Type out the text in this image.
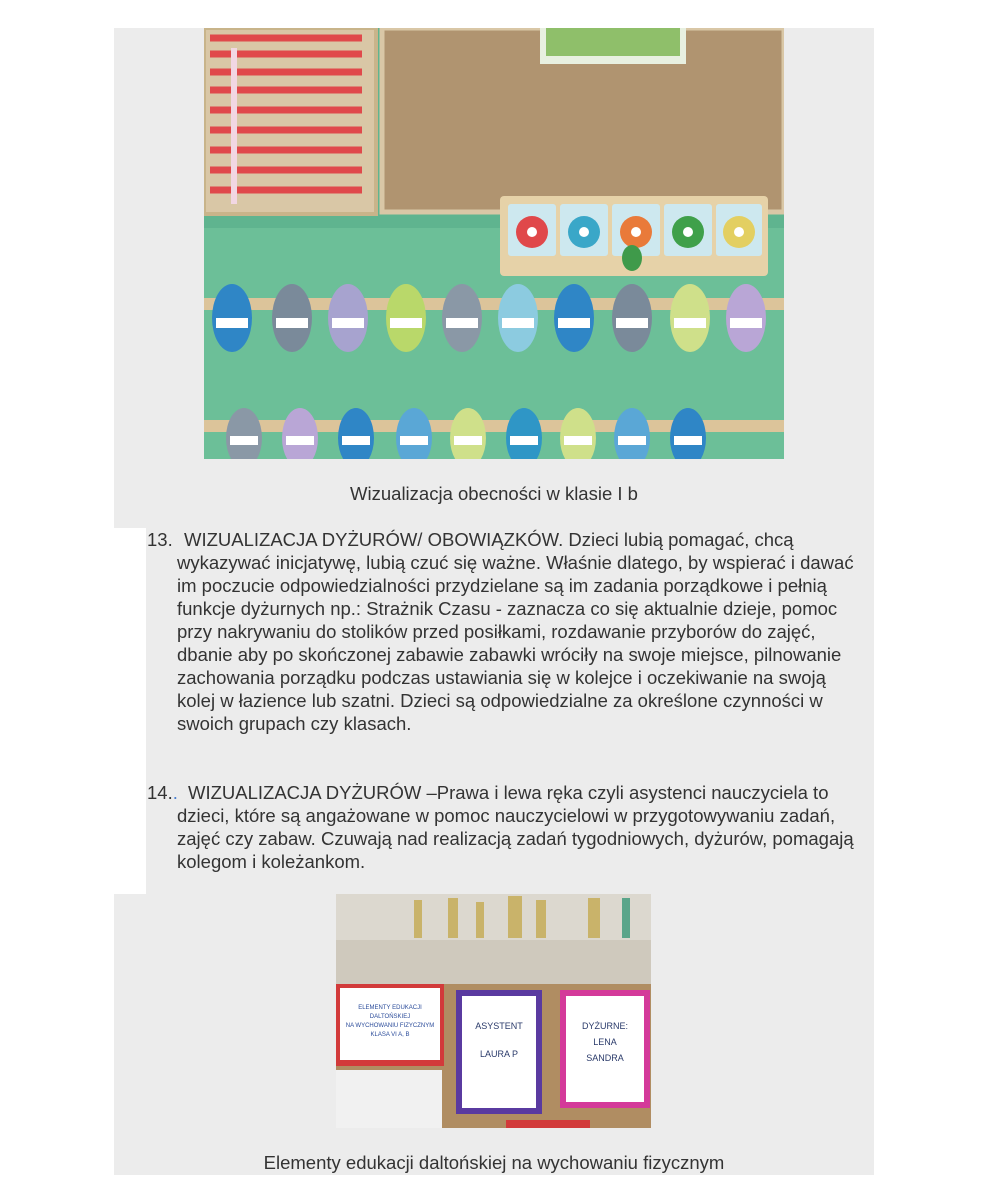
Wizualizacja obecności w klasie I b
13. WIZUALIZACJA DYŻURÓW/ OBOWIĄZKÓW. Dzieci lubią pomagać, chcą wykazywać inicjatywę, lubią czuć się ważne. Właśnie dlatego, by wspierać i dawać im poczucie odpowiedzialności przydzielane są im zadania porządkowe i pełnią funkcje dyżurnych np.: Strażnik Czasu - zaznacza co się aktualnie dzieje, pomoc przy nakrywaniu do stolików przed posiłkami, rozdawanie przyborów do zajęć, dbanie aby po skończonej zabawie zabawki wróciły na swoje miejsce, pilnowanie zachowania porządku podczas ustawiania się w kolejce i oczekiwanie na swoją kolej w łazience lub szatni. Dzieci są odpowiedzialne za określone czynności w swoich grupach czy klasach.
14.. WIZUALIZACJA DYŻURÓW –Prawa i lewa ręka czyli asystenci nauczyciela to dzieci, które są angażowane w pomoc nauczycielowi w przygotowywaniu zadań, zajęć czy zabaw. Czuwają nad realizacją zadań tygodniowych, dyżurów, pomagają kolegom i koleżankom.
ELEMENTY EDUKACJI DALTOŃSKIEJ
NA WYCHOWANIU FIZYCZNYM
KLASA VI A, B
ASYSTENT
LAURA P
DYŻURNE:
LENA
SANDRA
Elementy edukacji daltońskiej na wychowaniu fizycznym
